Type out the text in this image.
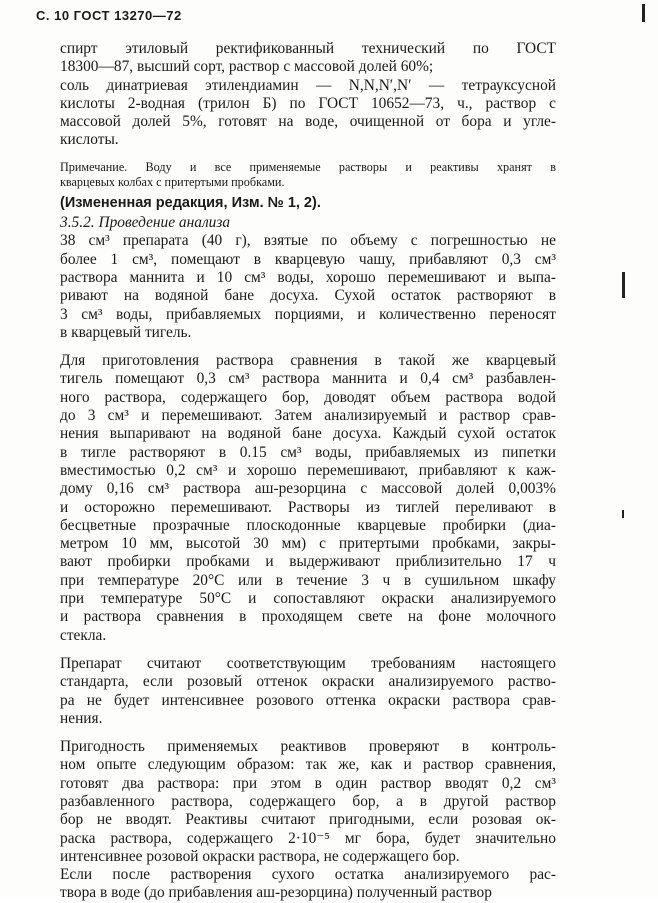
С. 10 ГОСТ 13270—72

спирт этиловый ректификованный технический по ГОСТ

18300—87, высший сорт, раствор с массовой долей 60%;

соль динатриевая этилендиамин — N,N,N′,N′ — тетрауксусной

кислоты 2-водная (трилон Б) по ГОСТ 10652—73, ч., раствор с

массовой долей 5%, готовят на воде, очищенной от бора и угле-

кислоты.

Примечание. Воду и все применяемые растворы и реактивы хранят в

кварцевых колбах с притертыми пробками.

(Измененная редакция, Изм. № 1, 2).

3.5.2. Проведение анализа

38 см³ препарата (40 г), взятые по объему с погрешностью не

более 1 см³, помещают в кварцевую чашу, прибавляют 0,3 см³

раствора маннита и 10 см³ воды, хорошо перемешивают и выпа-

ривают на водяной бане досуха. Сухой остаток растворяют в

3 см³ воды, прибавляемых порциями, и количественно переносят

в кварцевый тигель.

Для приготовления раствора сравнения в такой же кварцевый

тигель помещают 0,3 см³ раствора маннита и 0,4 см³ разбавлен-

ного раствора, содержащего бор, доводят объем раствора водой

до 3 см³ и перемешивают. Затем анализируемый и раствор срав-

нения выпаривают на водяной бане досуха. Каждый сухой остаток

в тигле растворяют в 0.15 см³ воды, прибавляемых из пипетки

вместимостью 0,2 см³ и хорошо перемешивают, прибавляют к каж-

дому 0,16 см³ раствора аш-резорцина с массовой долей 0,003%

и осторожно перемешивают. Растворы из тиглей переливают в

бесцветные прозрачные плоскодонные кварцевые пробирки (диа-

метром 10 мм, высотой 30 мм) с притертыми пробками, закры-

вают пробирки пробками и выдерживают приблизительно 17 ч

при температуре 20°С или в течение 3 ч в сушильном шкафу

при температуре 50°С и сопоставляют окраски анализируемого

и раствора сравнения в проходящем свете на фоне молочного

стекла.

Препарат считают соответствующим требованиям настоящего

стандарта, если розовый оттенок окраски анализируемого раство-

ра не будет интенсивнее розового оттенка окраски раствора срав-

нения.

Пригодность применяемых реактивов проверяют в контроль-

ном опыте следующим образом: так же, как и раствор сравнения,

готовят два раствора: при этом в один раствор вводят 0,2 см³

разбавленного раствора, содержащего бор, а в другой раствор

бор не вводят. Реактивы считают пригодными, если розовая ок-

раска раствора, содержащего 2·10⁻⁵ мг бора, будет значительно

интенсивнее розовой окраски раствора, не содержащего бор.

Если после растворения сухого остатка анализируемого рас-

твора в воде (до прибавления аш-резорцина) полученный раствор
